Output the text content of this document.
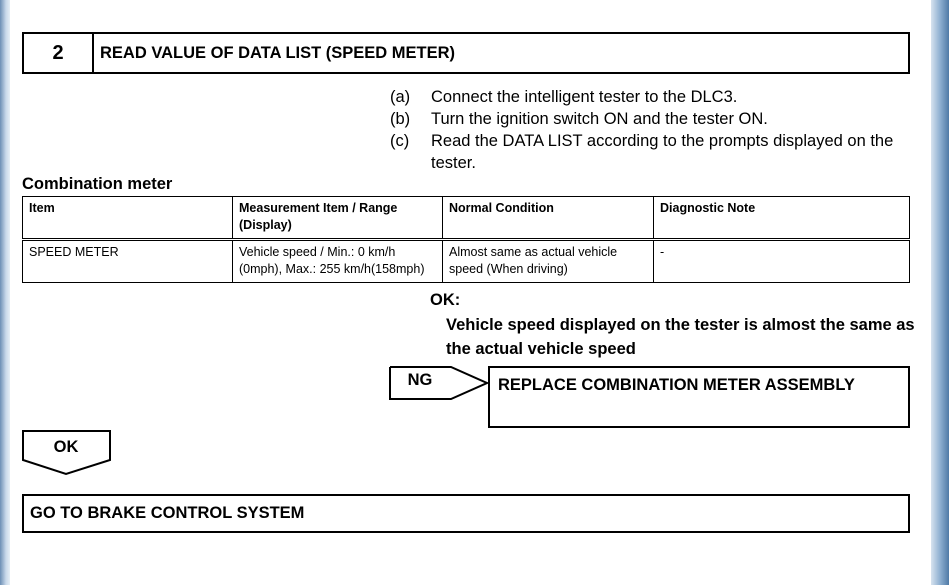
2	READ VALUE OF DATA LIST (SPEED METER)
(a)	Connect the intelligent tester to the DLC3.
(b)	Turn the ignition switch ON and the tester ON.
(c)	Read the DATA LIST according to the prompts displayed on the tester.
Combination meter
Item	Measurement Item / Range (Display)	Normal Condition	Diagnostic Note
SPEED METER	Vehicle speed / Min.: 0 km/h (0mph), Max.: 255 km/h(158mph)	Almost same as actual vehicle speed (When driving)	-
OK:
Vehicle speed displayed on the tester is almost the same as the actual vehicle speed
NG	REPLACE COMBINATION METER ASSEMBLY
OK
GO TO BRAKE CONTROL SYSTEM
